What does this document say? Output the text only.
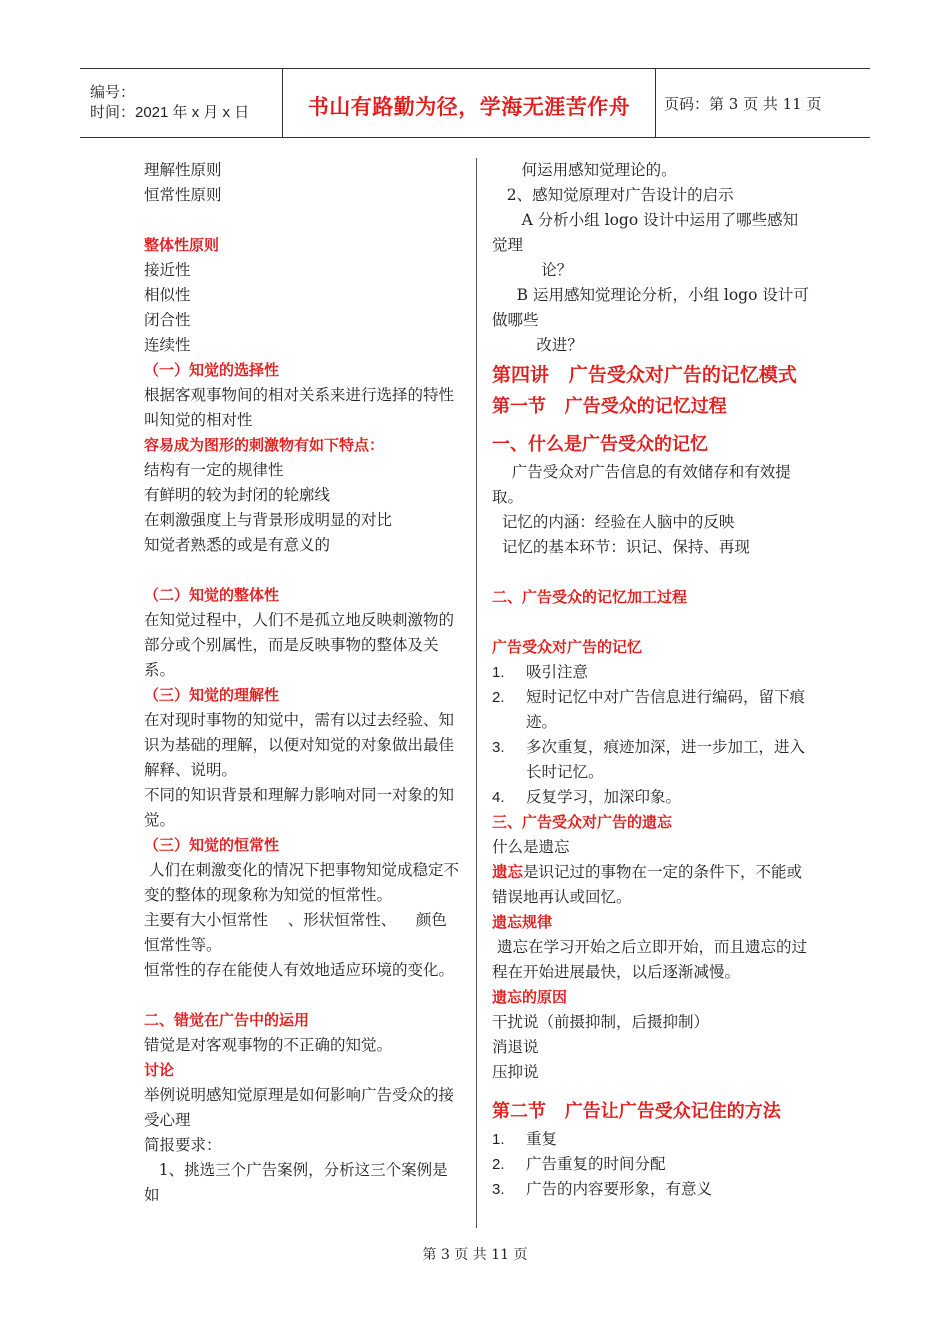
编号：
时间：2021 年 x 月 x 日	书山有路勤为径，学海无涯苦作舟 页码：第 3 页 共 11 页
理解性原则
恒常性原则
整体性原则
接近性
相似性
闭合性
连续性
（一）知觉的选择性
根据客观事物间的相对关系来进行选择的特性叫知觉的相对性
容易成为图形的刺激物有如下特点：
结构有一定的规律性
有鲜明的较为封闭的轮廓线
在刺激强度上与背景形成明显的对比
知觉者熟悉的或是有意义的
（二）知觉的整体性
在知觉过程中，人们不是孤立地反映刺激物的部分或个别属性，而是反映事物的整体及关系。
（三）知觉的理解性
在对现时事物的知觉中，需有以过去经验、知识为基础的理解，以便对知觉的对象做出最佳解释、说明。
不同的知识背景和理解力影响对同一对象的知觉。
（三）知觉的恒常性
人们在刺激变化的情况下把事物知觉成稳定不变的整体的现象称为知觉的恒常性。
主要有大小恒常性    、形状恒常性、    颜色恒常性等。
恒常性的存在能使人有效地适应环境的变化。
二、错觉在广告中的运用
错觉是对客观事物的不正确的知觉。
讨论
举例说明感知觉原理是如何影响广告受众的接受心理
简报要求：
1、挑选三个广告案例，分析这三个案例是如
何运用感知觉理论的。
2、感知觉原理对广告设计的启示
A 分析小组 logo 设计中运用了哪些感知觉理
论？
B 运用感知觉理论分析，小组 logo 设计可做哪些
改进？
第四讲   广告受众对广告的记忆模式
第一节   广告受众的记忆过程
一、什么是广告受众的记忆
广告受众对广告信息的有效储存和有效提取。
记忆的内涵：经验在人脑中的反映
记忆的基本环节：识记、保持、再现
二、广告受众的记忆加工过程
广告受众对广告的记忆
1.	吸引注意
2.	短时记忆中对广告信息进行编码，留下痕迹。
3.	多次重复，痕迹加深，进一步加工，进入长时记忆。
4.	反复学习，加深印象。
三、广告受众对广告的遗忘
什么是遗忘
遗忘是识记过的事物在一定的条件下，不能或错误地再认或回忆。
遗忘规律
遗忘在学习开始之后立即开始，而且遗忘的过程在开始进展最快，以后逐渐减慢。
遗忘的原因
干扰说（前摄抑制，后摄抑制）
消退说
压抑说
第二节   广告让广告受众记住的方法
1.	重复
2.	广告重复的时间分配
3.	广告的内容要形象，有意义
第 3 页 共 11 页
